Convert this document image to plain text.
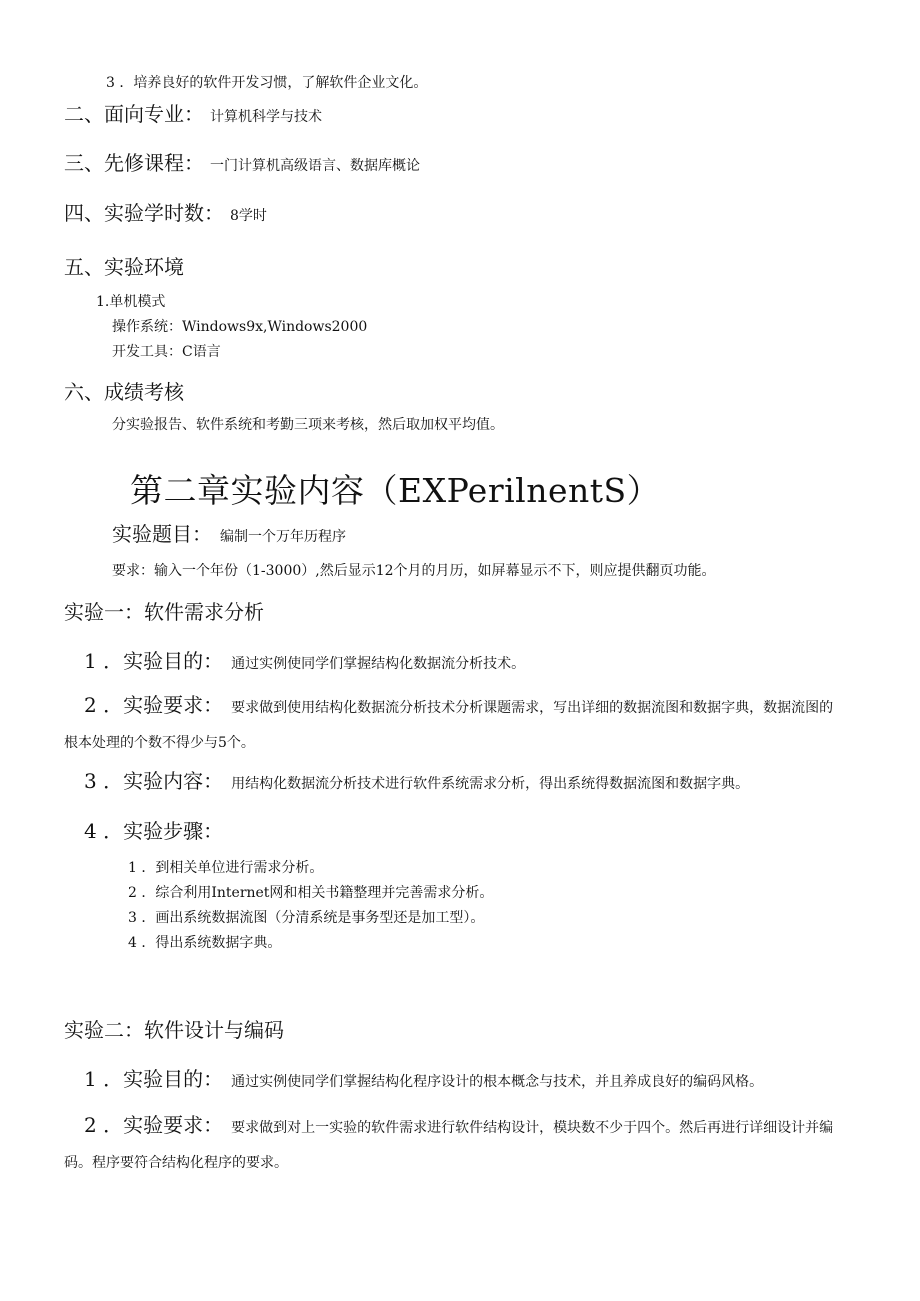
3 ．培养良好的软件开发习惯，了解软件企业文化。
二、面向专业： 计算机科学与技术
三、先修课程： 一门计算机高级语言、数据库概论
四、实验学时数： 8学时
五、实验环境
1.单机模式
操作系统：Windows9x,Windows2000
开发工具：C语言
六、成绩考核
分实验报告、软件系统和考勤三项来考核，然后取加权平均值。
第二章实验内容（EXPerilnentS）
实验题目： 编制一个万年历程序
要求：输入一个年份（1-3000）,然后显示12个月的月历，如屏幕显示不下，则应提供翻页功能。
实验一：软件需求分析
1 ．实验目的： 通过实例使同学们掌握结构化数据流分析技术。
2 ．实验要求： 要求做到使用结构化数据流分析技术分析课题需求，写出详细的数据流图和数据字典，数据流图的根本处理的个数不得少与5个。
3 ．实验内容： 用结构化数据流分析技术进行软件系统需求分析，得出系统得数据流图和数据字典。
4 ．实验步骤：
1 ．到相关单位进行需求分析。
2 ．综合利用Internet网和相关书籍整理并完善需求分析。
3 ．画出系统数据流图（分清系统是事务型还是加工型）。
4 ．得出系统数据字典。
实验二：软件设计与编码
1 ．实验目的： 通过实例使同学们掌握结构化程序设计的根本概念与技术，并且养成良好的编码风格。
2 ．实验要求： 要求做到对上一实验的软件需求进行软件结构设计，模块数不少于四个。然后再进行详细设计并编码。程序要符合结构化程序的要求。
